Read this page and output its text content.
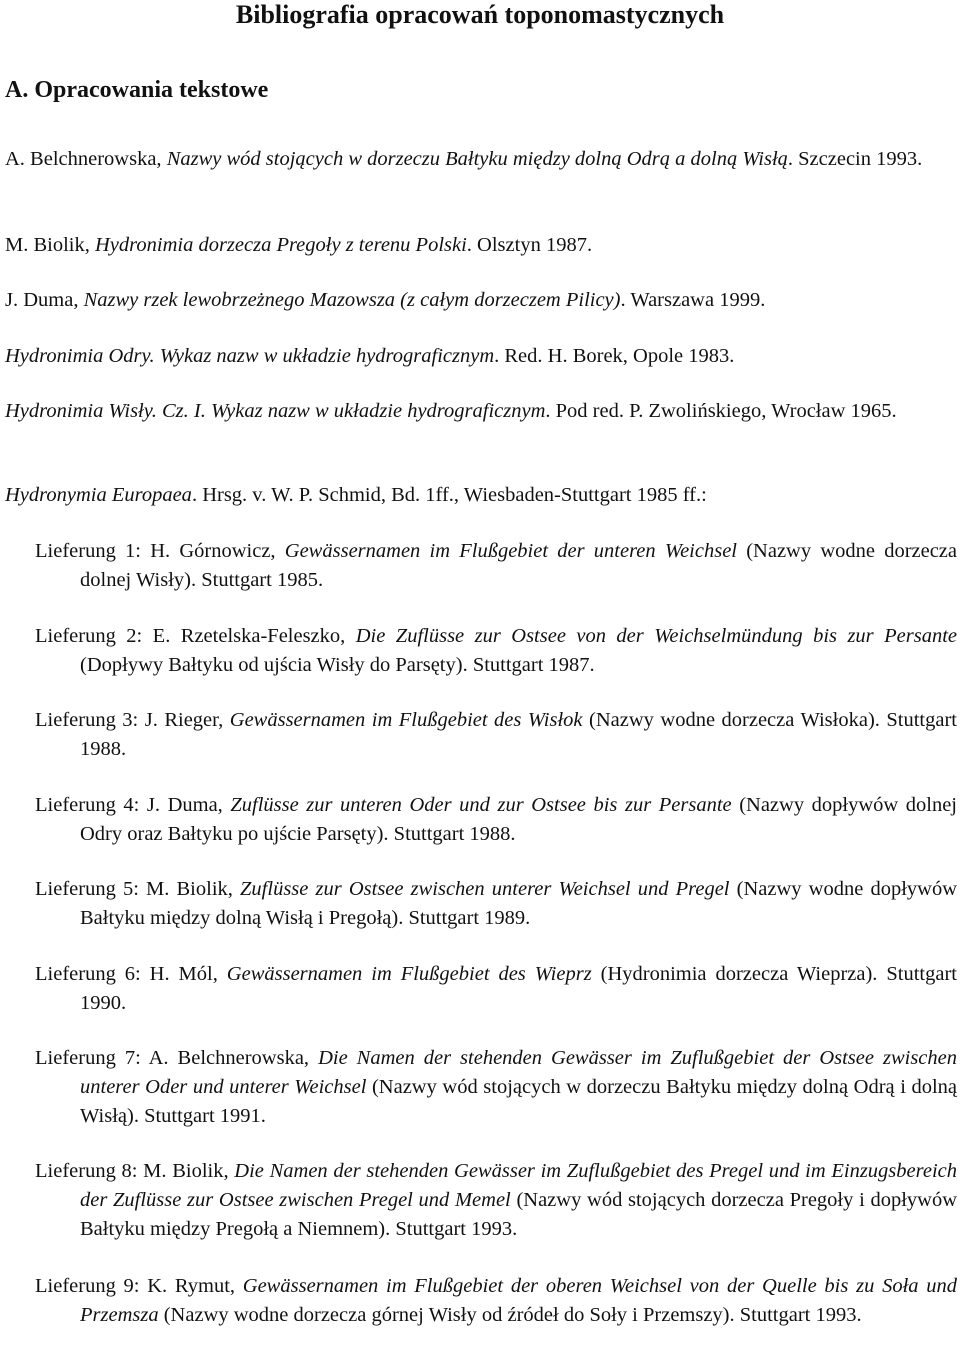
Bibliografia opracowań toponomastycznych
A. Opracowania tekstowe

A. Belchnerowska, Nazwy wód stojących w dorzeczu Bałtyku między dolną Odrą a dolną Wisłą. Szczecin 1993.

M. Biolik, Hydronimia dorzecza Pregoły z terenu Polski. Olsztyn 1987.

J. Duma, Nazwy rzek lewobrzeżnego Mazowsza (z całym dorzeczem Pilicy). Warszawa 1999.

Hydronimia Odry. Wykaz nazw w układzie hydrograficznym. Red. H. Borek, Opole 1983.

Hydronimia Wisły. Cz. I. Wykaz nazw w układzie hydrograficznym. Pod red. P. Zwolińskiego, Wrocław 1965.

Hydronymia Europaea. Hrsg. v. W. P. Schmid, Bd. 1ff., Wiesbaden-Stuttgart 1985 ff.:

Lieferung 1: H. Górnowicz, Gewässernamen im Flußgebiet der unteren Weichsel (Nazwy wodne dorzecza dolnej Wisły). Stuttgart 1985.

Lieferung 2: E. Rzetelska-Feleszko, Die Zuflüsse zur Ostsee von der Weichselmündung bis zur Persante (Dopływy Bałtyku od ujścia Wisły do Parsęty). Stuttgart 1987.

Lieferung 3: J. Rieger, Gewässernamen im Flußgebiet des Wisłok (Nazwy wodne dorzecza Wisłoka). Stuttgart 1988.

Lieferung 4: J. Duma, Zuflüsse zur unteren Oder und zur Ostsee bis zur Persante (Nazwy dopływów dolnej Odry oraz Bałtyku po ujście Parsęty). Stuttgart 1988.

Lieferung 5: M. Biolik, Zuflüsse zur Ostsee zwischen unterer Weichsel und Pregel (Nazwy wodne dopływów Bałtyku między dolną Wisłą i Pregołą). Stuttgart 1989.

Lieferung 6: H. Mól, Gewässernamen im Flußgebiet des Wieprz (Hydronimia dorzecza Wieprza). Stuttgart 1990.

Lieferung 7: A. Belchnerowska, Die Namen der stehenden Gewässer im Zuflußgebiet der Ostsee zwischen unterer Oder und unterer Weichsel (Nazwy wód stojących w dorzeczu Bałtyku między dolną Odrą i dolną Wisłą). Stuttgart 1991.

Lieferung 8: M. Biolik, Die Namen der stehenden Gewässer im Zuflußgebiet des Pregel und im Einzugsbereich der Zuflüsse zur Ostsee zwischen Pregel und Memel (Nazwy wód stojących dorzecza Pregoły i dopływów Bałtyku między Pregołą a Niemnem). Stuttgart 1993.

Lieferung 9: K. Rymut, Gewässernamen im Flußgebiet der oberen Weichsel von der Quelle bis zu Soła und Przemsza (Nazwy wodne dorzecza górnej Wisły od źródeł do Soły i Przemszy). Stuttgart 1993.
